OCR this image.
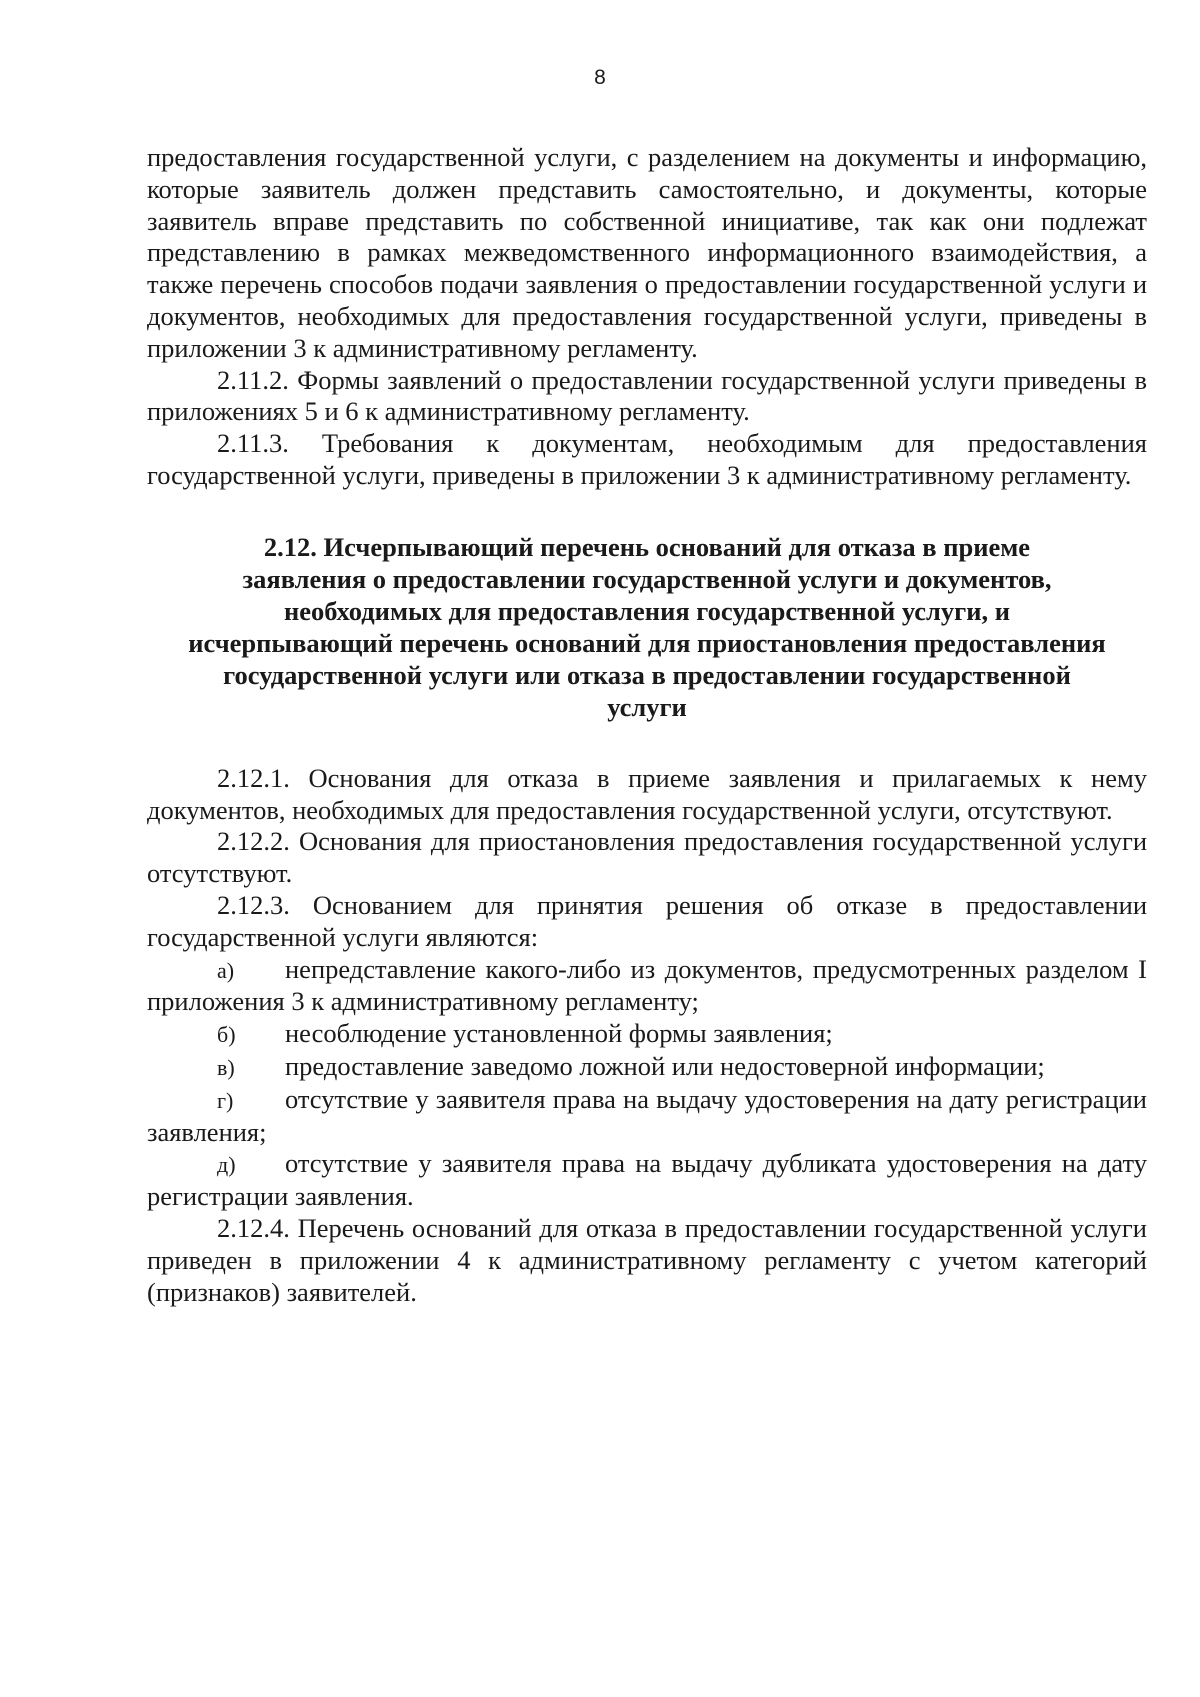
8

предоставления государственной услуги, с разделением на документы и информацию, которые заявитель должен представить самостоятельно, и документы, которые заявитель вправе представить по собственной инициативе, так как они подлежат представлению в рамках межведомственного информационного взаимодействия, а также перечень способов подачи заявления о предоставлении государственной услуги и документов, необходимых для предоставления государственной услуги, приведены в приложении 3 к административному регламенту.

2.11.2. Формы заявлений о предоставлении государственной услуги приведены в приложениях 5 и 6 к административному регламенту.

2.11.3. Требования к документам, необходимым для предоставления государственной услуги, приведены в приложении 3 к административному регламенту.

2.12. Исчерпывающий перечень оснований для отказа в приеме
заявления о предоставлении государственной услуги и документов,
необходимых для предоставления государственной услуги, и
исчерпывающий перечень оснований для приостановления предоставления
государственной услуги или отказа в предоставлении государственной
услуги

2.12.1. Основания для отказа в приеме заявления и прилагаемых к нему документов, необходимых для предоставления государственной услуги, отсутствуют.

2.12.2. Основания для приостановления предоставления государственной услуги отсутствуют.

2.12.3. Основанием для принятия решения об отказе в предоставлении государственной услуги являются:

а) непредставление какого-либо из документов, предусмотренных разделом I приложения 3 к административному регламенту;

б) несоблюдение установленной формы заявления;

в) предоставление заведомо ложной или недостоверной информации;

г) отсутствие у заявителя права на выдачу удостоверения на дату регистрации заявления;

д) отсутствие у заявителя права на выдачу дубликата удостоверения на дату регистрации заявления.

2.12.4. Перечень оснований для отказа в предоставлении государственной услуги приведен в приложении 4 к административному регламенту с учетом категорий (признаков) заявителей.
